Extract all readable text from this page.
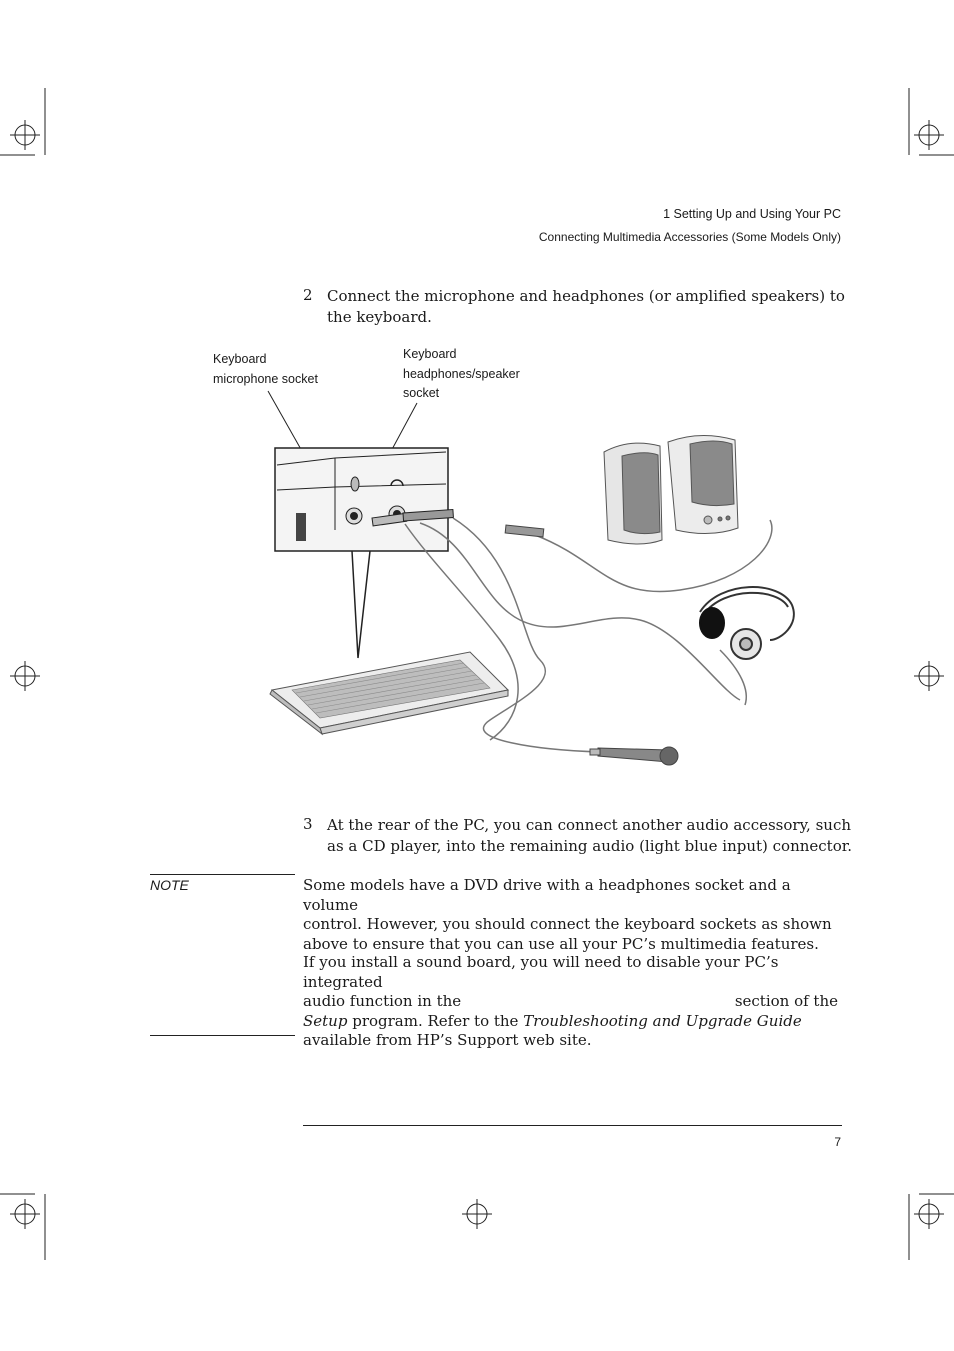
1 Setting Up and Using Your PC
Connecting Multimedia Accessories (Some Models Only)
2 Connect the microphone and headphones (or amplified speakers) to
the keyboard.
Keyboard
microphone socket
Keyboard
headphones/speaker
socket
3 At the rear of the PC, you can connect another audio accessory, such
as a CD player, into the remaining audio (light blue input) connector.
NOTE	Some models have a DVD drive with a headphones socket and a volume
control. However, you should connect the keyboard sockets as shown
above to ensure that you can use all your PC’s multimedia features.
If you install a sound board, you will need to disable your PC’s integrated
audio function in the	section of the
Setup program. Refer to the Troubleshooting and Upgrade Guide
available from HP’s Support web site.
7
